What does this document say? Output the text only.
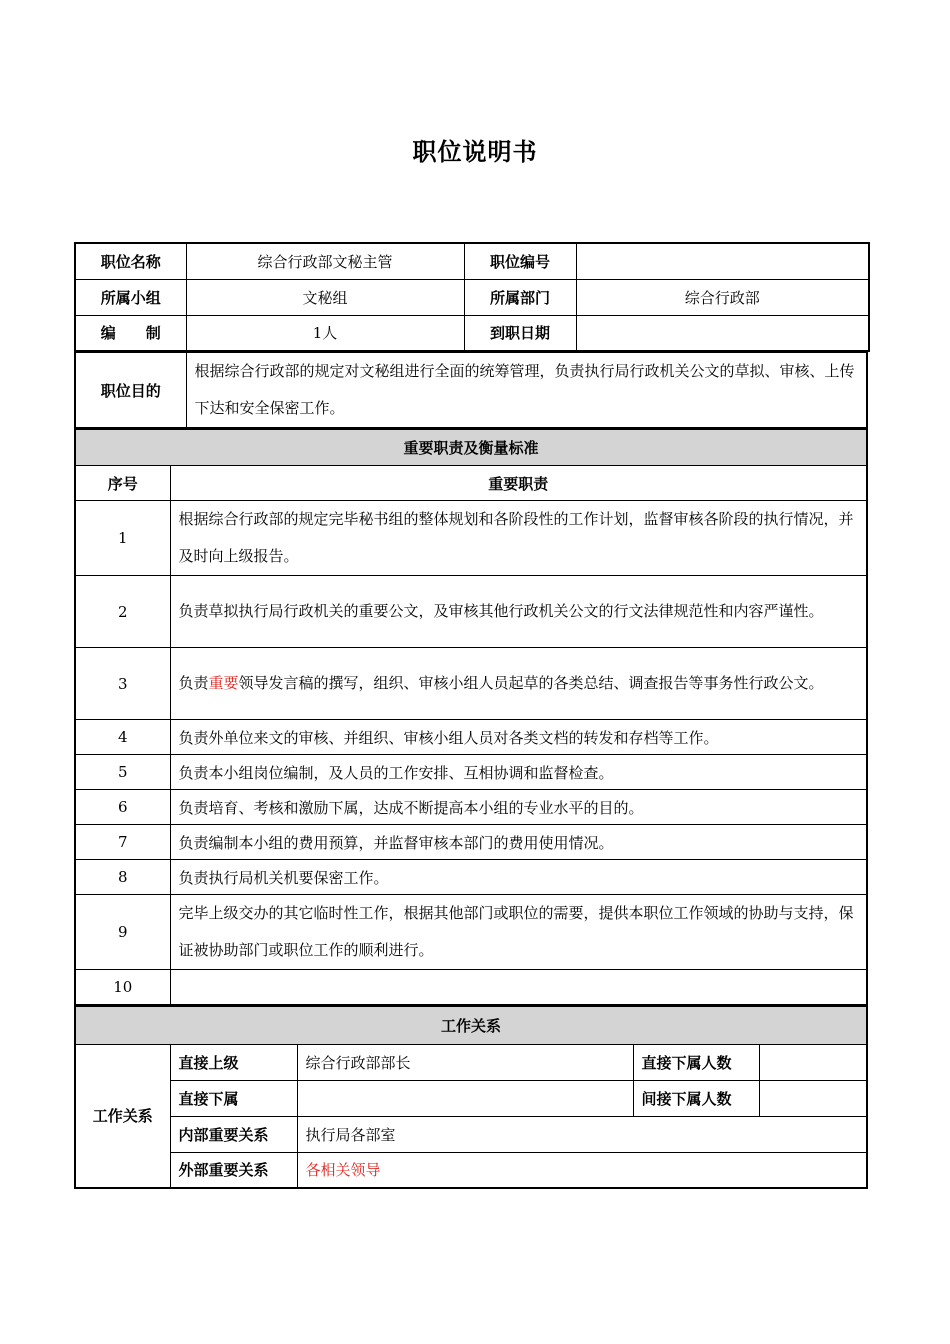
职位说明书
职位名称	综合行政部文秘主管	职位编号	
所属小组	文秘组	所属部门	综合行政部
编　　制	1人	到职日期	
职位目的	根据综合行政部的规定对文秘组进行全面的统筹管理，负责执行局行政机关公文的草拟、审核、上传下达和安全保密工作。
重要职责及衡量标准	
序号	重要职责
1	根据综合行政部的规定完毕秘书组的整体规划和各阶段性的工作计划，监督审核各阶段的执行情况，并及时向上级报告。
2	负责草拟执行局行政机关的重要公文，及审核其他行政机关公文的行文法律规范性和内容严谨性。
3	负责重要领导发言稿的撰写，组织、审核小组人员起草的各类总结、调查报告等事务性行政公文。
4	负责外单位来文的审核、并组织、审核小组人员对各类文档的转发和存档等工作。
5	负责本小组岗位编制，及人员的工作安排、互相协调和监督检查。
6	负责培育、考核和激励下属，达成不断提高本小组的专业水平的目的。
7	负责编制本小组的费用预算，并监督审核本部门的费用使用情况。
8	负责执行局机关机要保密工作。
9	完毕上级交办的其它临时性工作，根据其他部门或职位的需要，提供本职位工作领域的协助与支持，保证被协助部门或职位工作的顺利进行。
10	
工作关系				
工作关系	直接上级	综合行政部部长	直接下属人数	
	直接下属		间接下属人数	
	内部重要关系	执行局各部室		
	外部重要关系	各相关领导		
